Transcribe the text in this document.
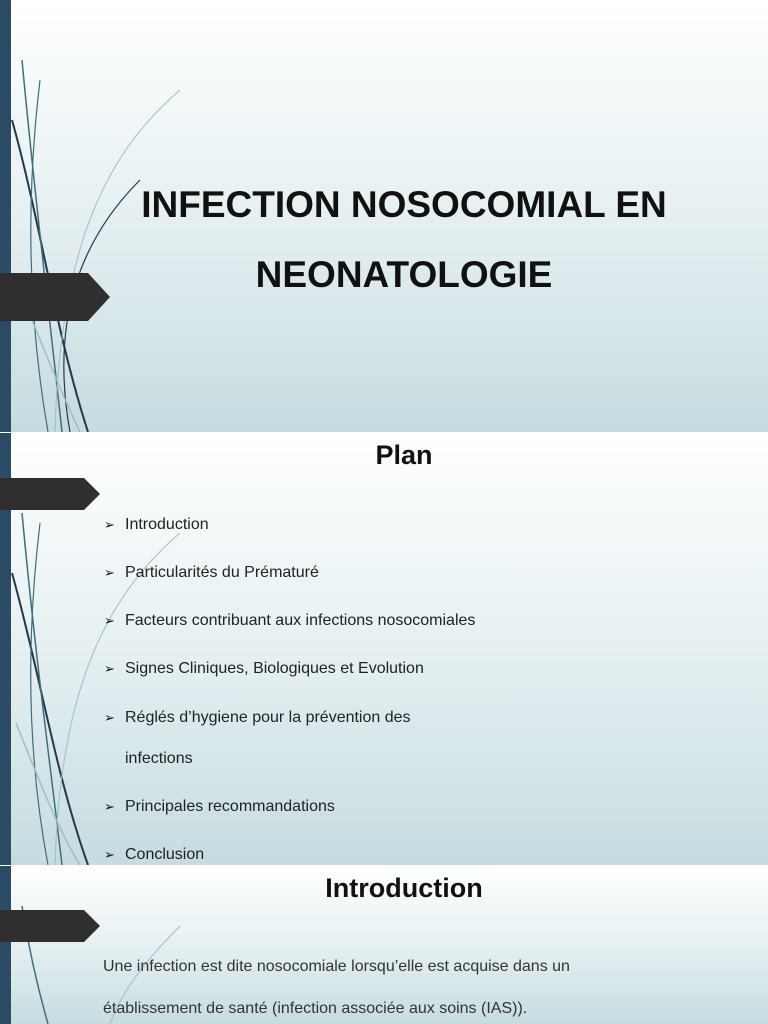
INFECTION NOSOCOMIAL EN NEONATOLOGIE
Plan
➢ Introduction
➢ Particularités du Prématuré
➢ Facteurs contribuant aux infections nosocomiales
➢ Signes Cliniques, Biologiques et Evolution
➢ Réglés d’hygiene pour la prévention des infections
➢ Principales recommandations
➢ Conclusion
Introduction

Une infection est dite nosocomiale lorsqu’elle est acquise dans un établissement de santé (infection associée aux soins (IAS)).
